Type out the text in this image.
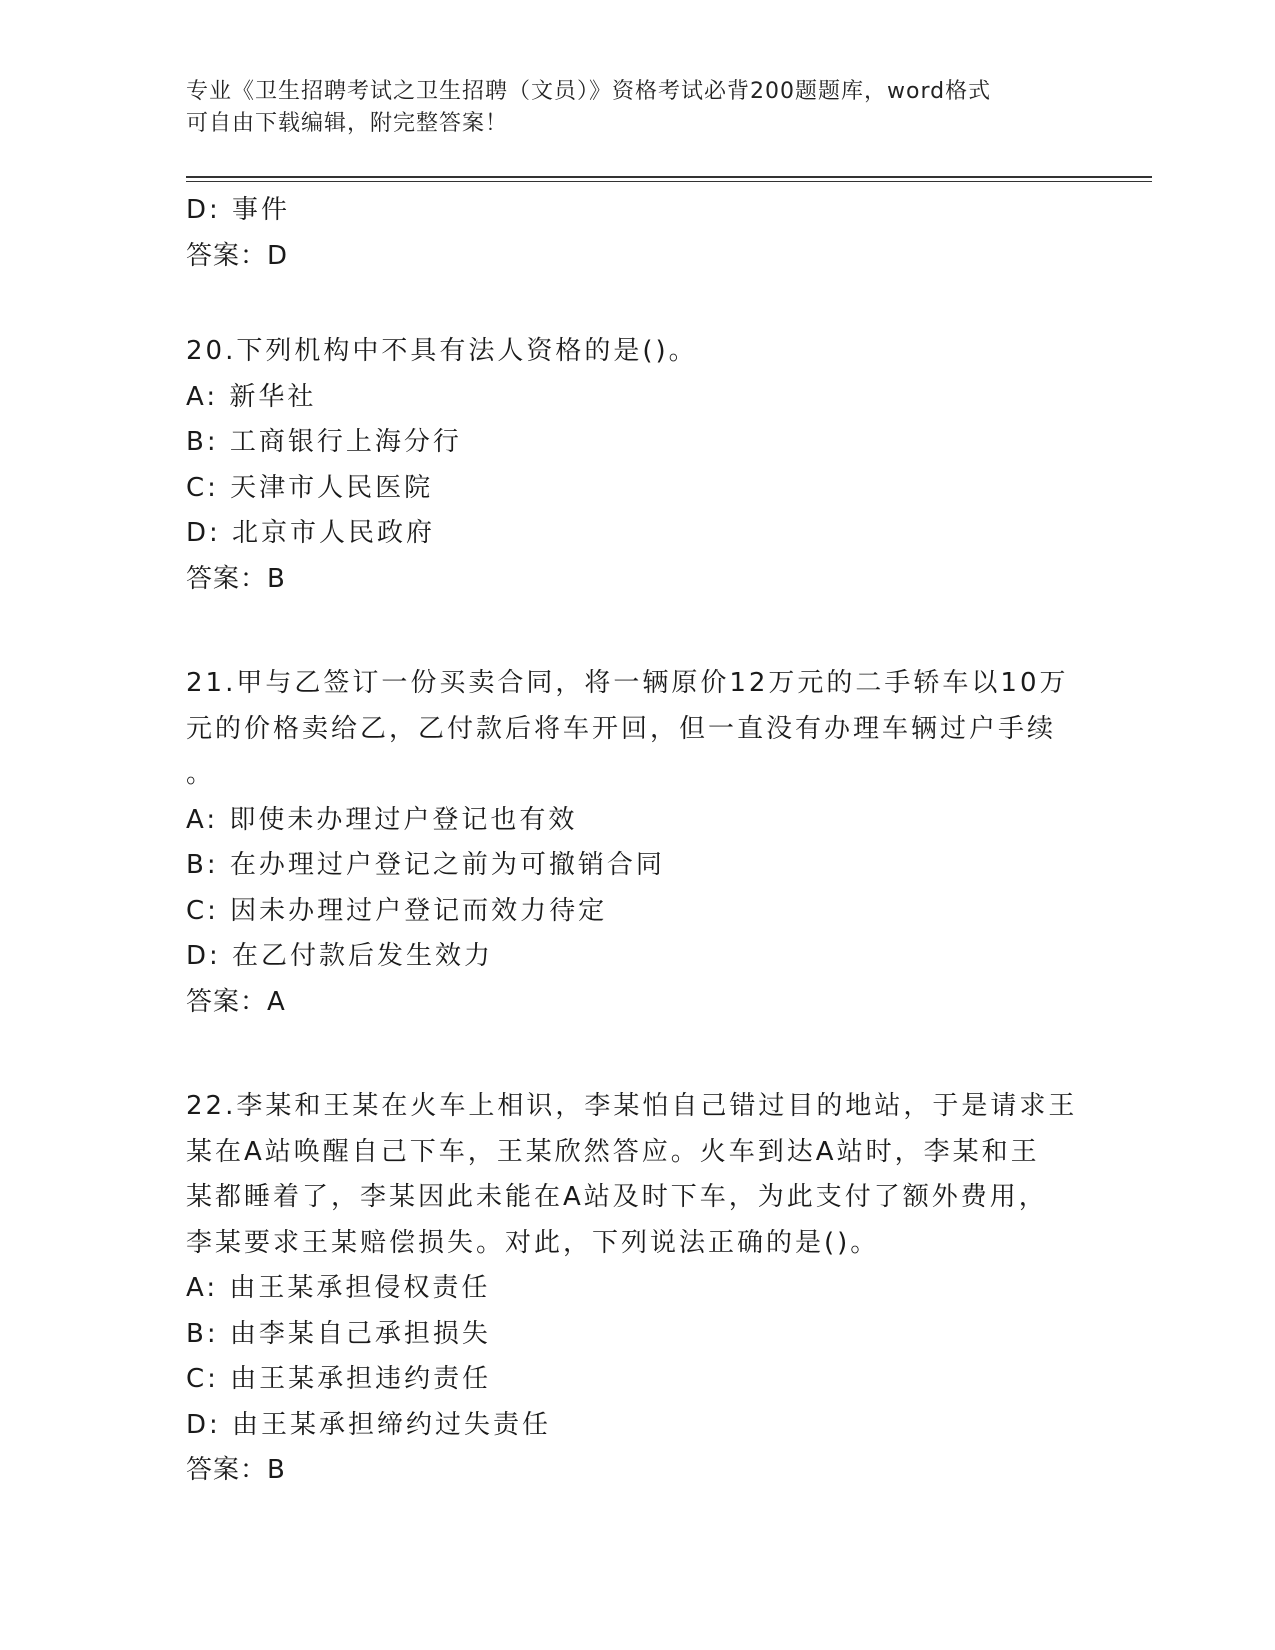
专业《卫生招聘考试之卫生招聘（文员）》资格考试必背200题题库，word格式
可自由下载编辑，附完整答案！

D: 事件

答案：D

20.下列机构中不具有法人资格的是()。

A: 新华社

B: 工商银行上海分行

C: 天津市人民医院

D: 北京市人民政府

答案：B

21.甲与乙签订一份买卖合同，将一辆原价12万元的二手轿车以10万

元的价格卖给乙，乙付款后将车开回，但一直没有办理车辆过户手续

。

A: 即使未办理过户登记也有效

B: 在办理过户登记之前为可撤销合同

C: 因未办理过户登记而效力待定

D: 在乙付款后发生效力

答案：A

22.李某和王某在火车上相识，李某怕自己错过目的地站，于是请求王

某在A站唤醒自己下车，王某欣然答应。火车到达A站时，李某和王

某都睡着了，李某因此未能在A站及时下车，为此支付了额外费用，

李某要求王某赔偿损失。对此，下列说法正确的是()。

A: 由王某承担侵权责任

B: 由李某自己承担损失

C: 由王某承担违约责任

D: 由王某承担缔约过失责任

答案：B
